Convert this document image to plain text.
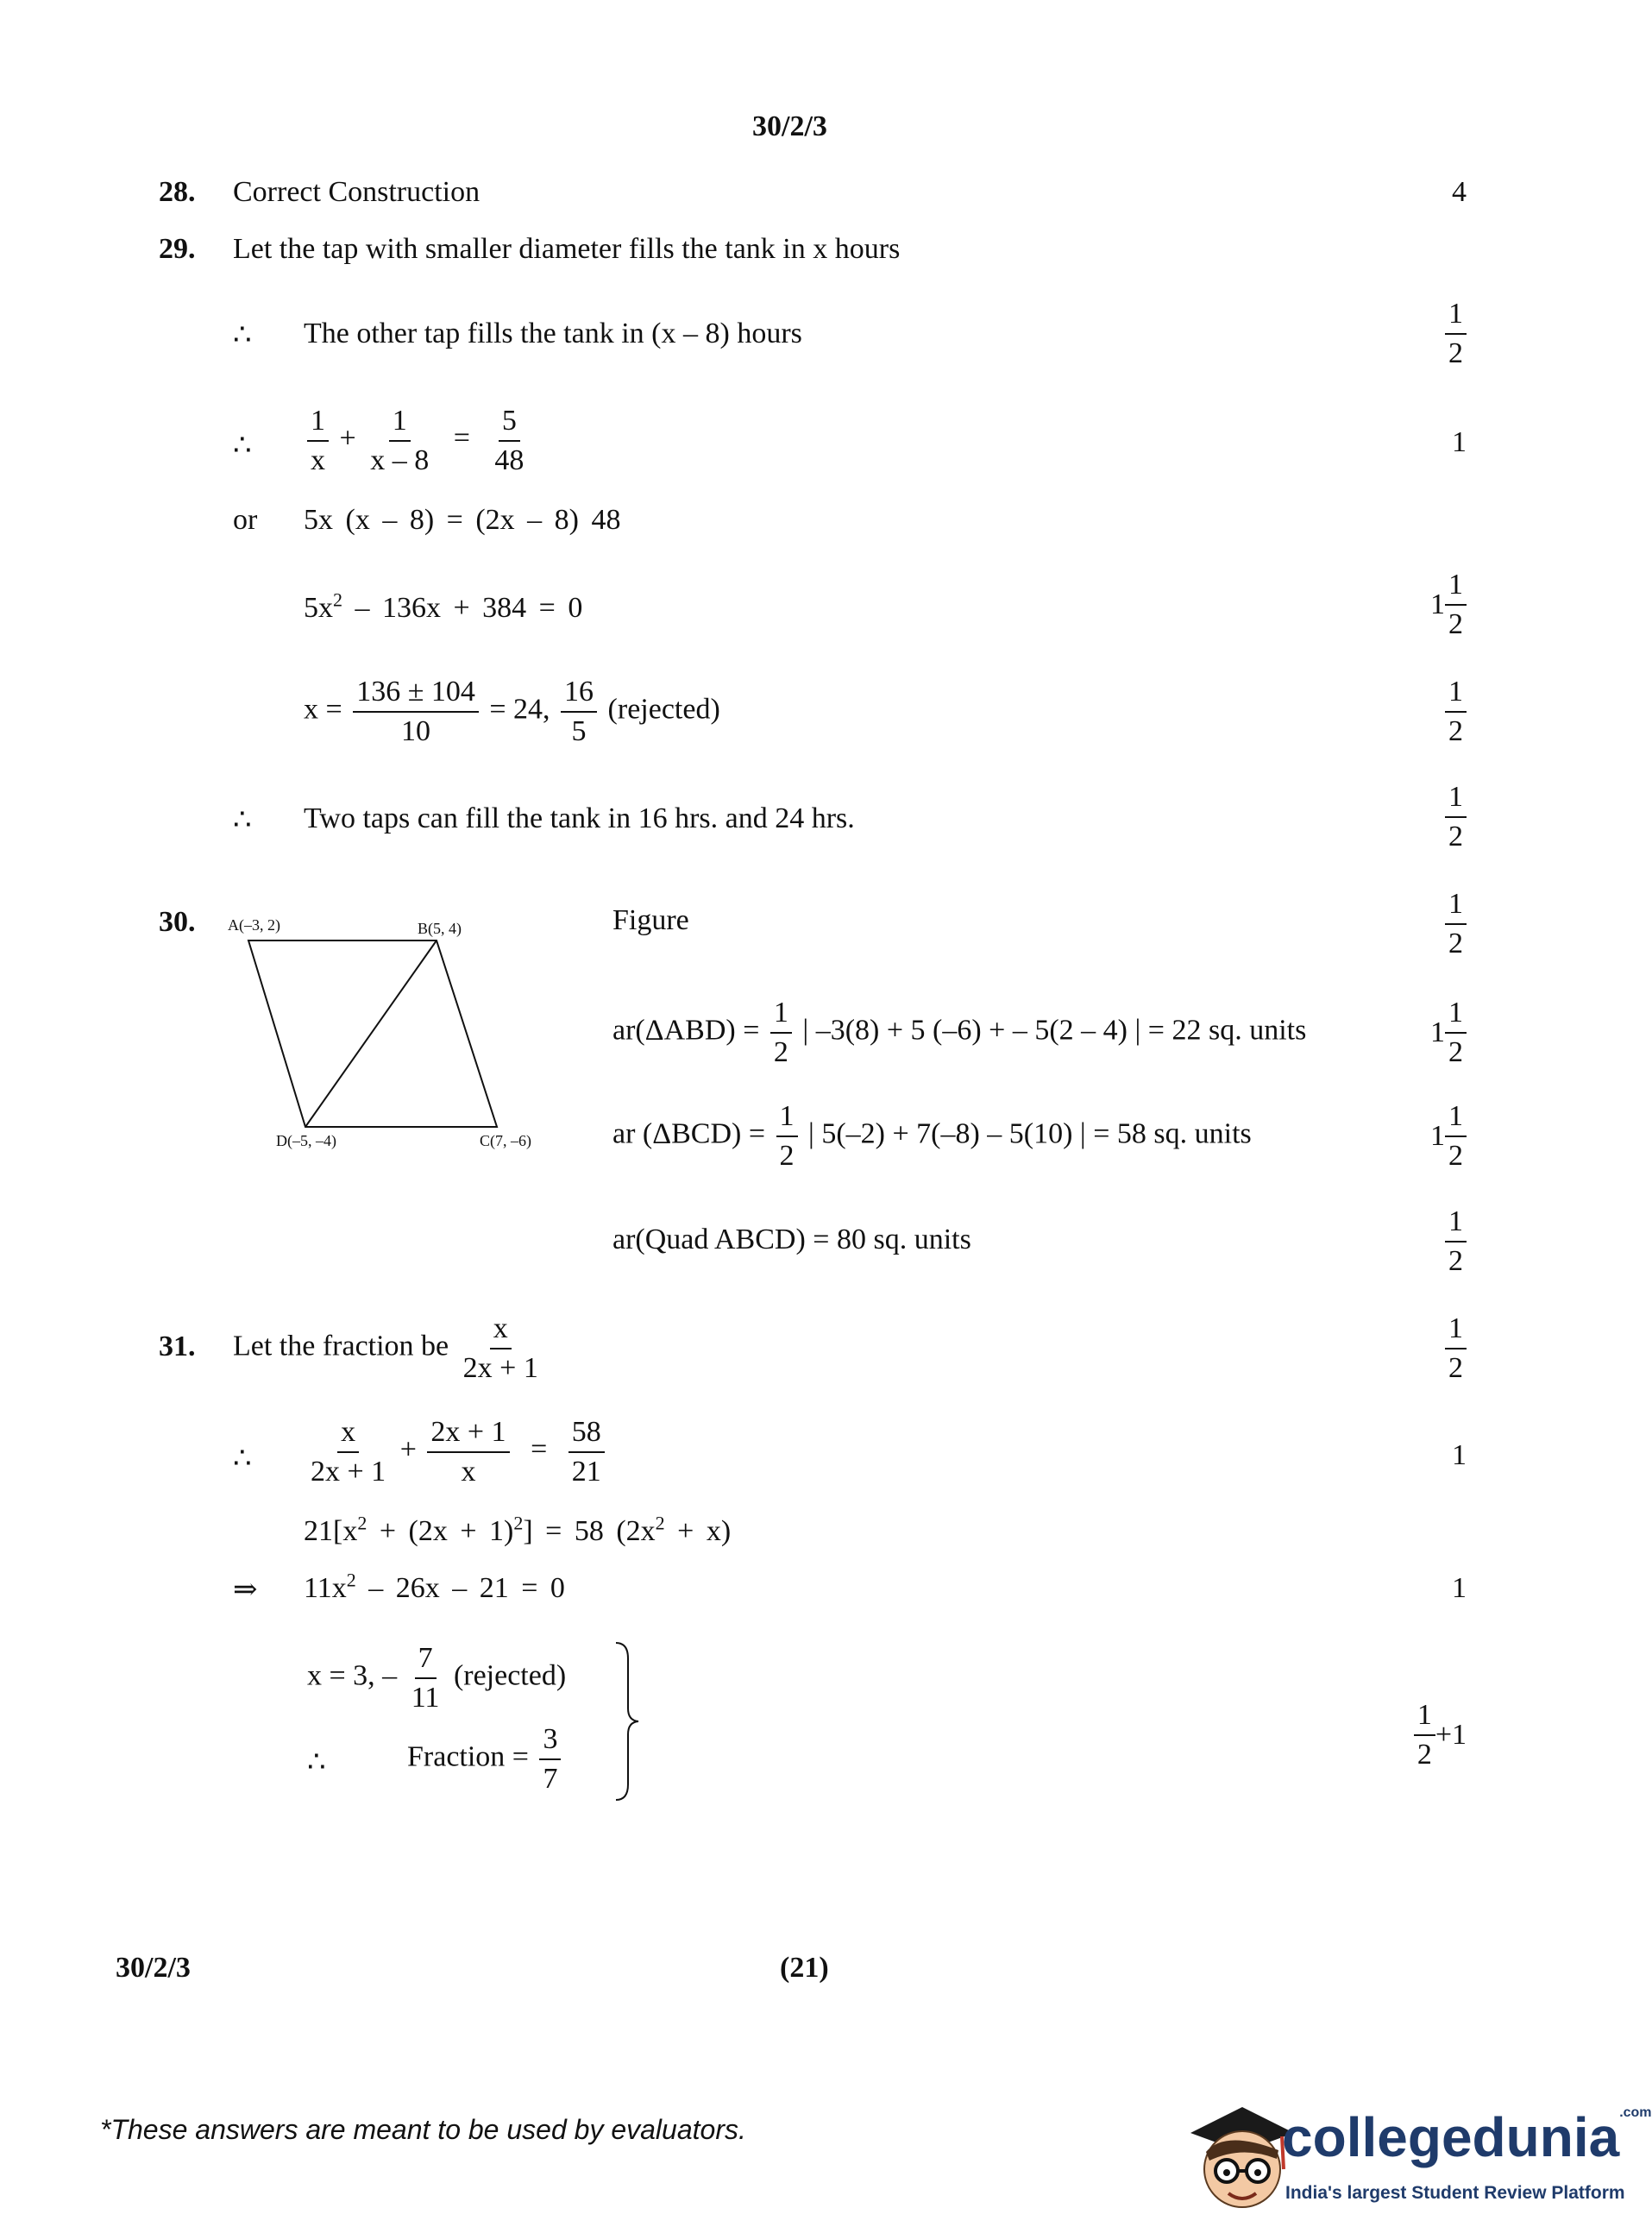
30/2/3
28. Correct Construction	4
29. Let the tap with smaller diameter fills the tank in x hours
∴ The other tap fills the tank in (x – 8) hours	$\frac{1}{2}$
∴ $\frac{1}{x} + \frac{1}{x - 8} = \frac{5}{48}$	1
or 5x (x – 8) = (2x – 8) 48
$5x^2 - 136x + 384 = 0$	$1 \frac{1}{2}$
$x = \frac{136 \pm 104}{10} = 24$, $\frac{16}{5}$ (rejected)	$\frac{1}{2}$
∴ Two taps can fill the tank in 16 hrs. and 24 hrs.	$\frac{1}{2}$
30. A(–3, 2)	B(5, 4)
D(–5, –4)	C(7, –6)
Figure	$\frac{1}{2}$
$ar(\Delta ABD) = \frac{1}{2}$ | –3(8) + 5 (–6) + – 5(2 – 4) | = 22 sq. units	$1 \frac{1}{2}$
ar $(\Delta BCD) = \frac{1}{2}$ | 5(–2) + 7(–8) – 5(10) | = 58 sq. units	$1 \frac{1}{2}$
ar(Quad ABCD) = 80 sq. units	$\frac{1}{2}$
31. Let the fraction be $\frac{x}{2x + 1}$	$\frac{1}{2}$
∴ $\frac{x}{2x + 1} + \frac{2x + 1}{x} = \frac{58}{21}$	1
$21[x^2 + (2x + 1)^2] = 58$ $(2x^2 + x)$
⇒ $11x^2 - 26x - 21 = 0$	1
x = 3, – $\frac{7}{11}$ (rejected)
∴	Fraction = $\frac{3}{7}$	$\frac{1}{2} +1$
30/2/3	(21)
*These answers are meant to be used by evaluators.	collegedunia$^{.com}$
India's largest Student Review Platform
